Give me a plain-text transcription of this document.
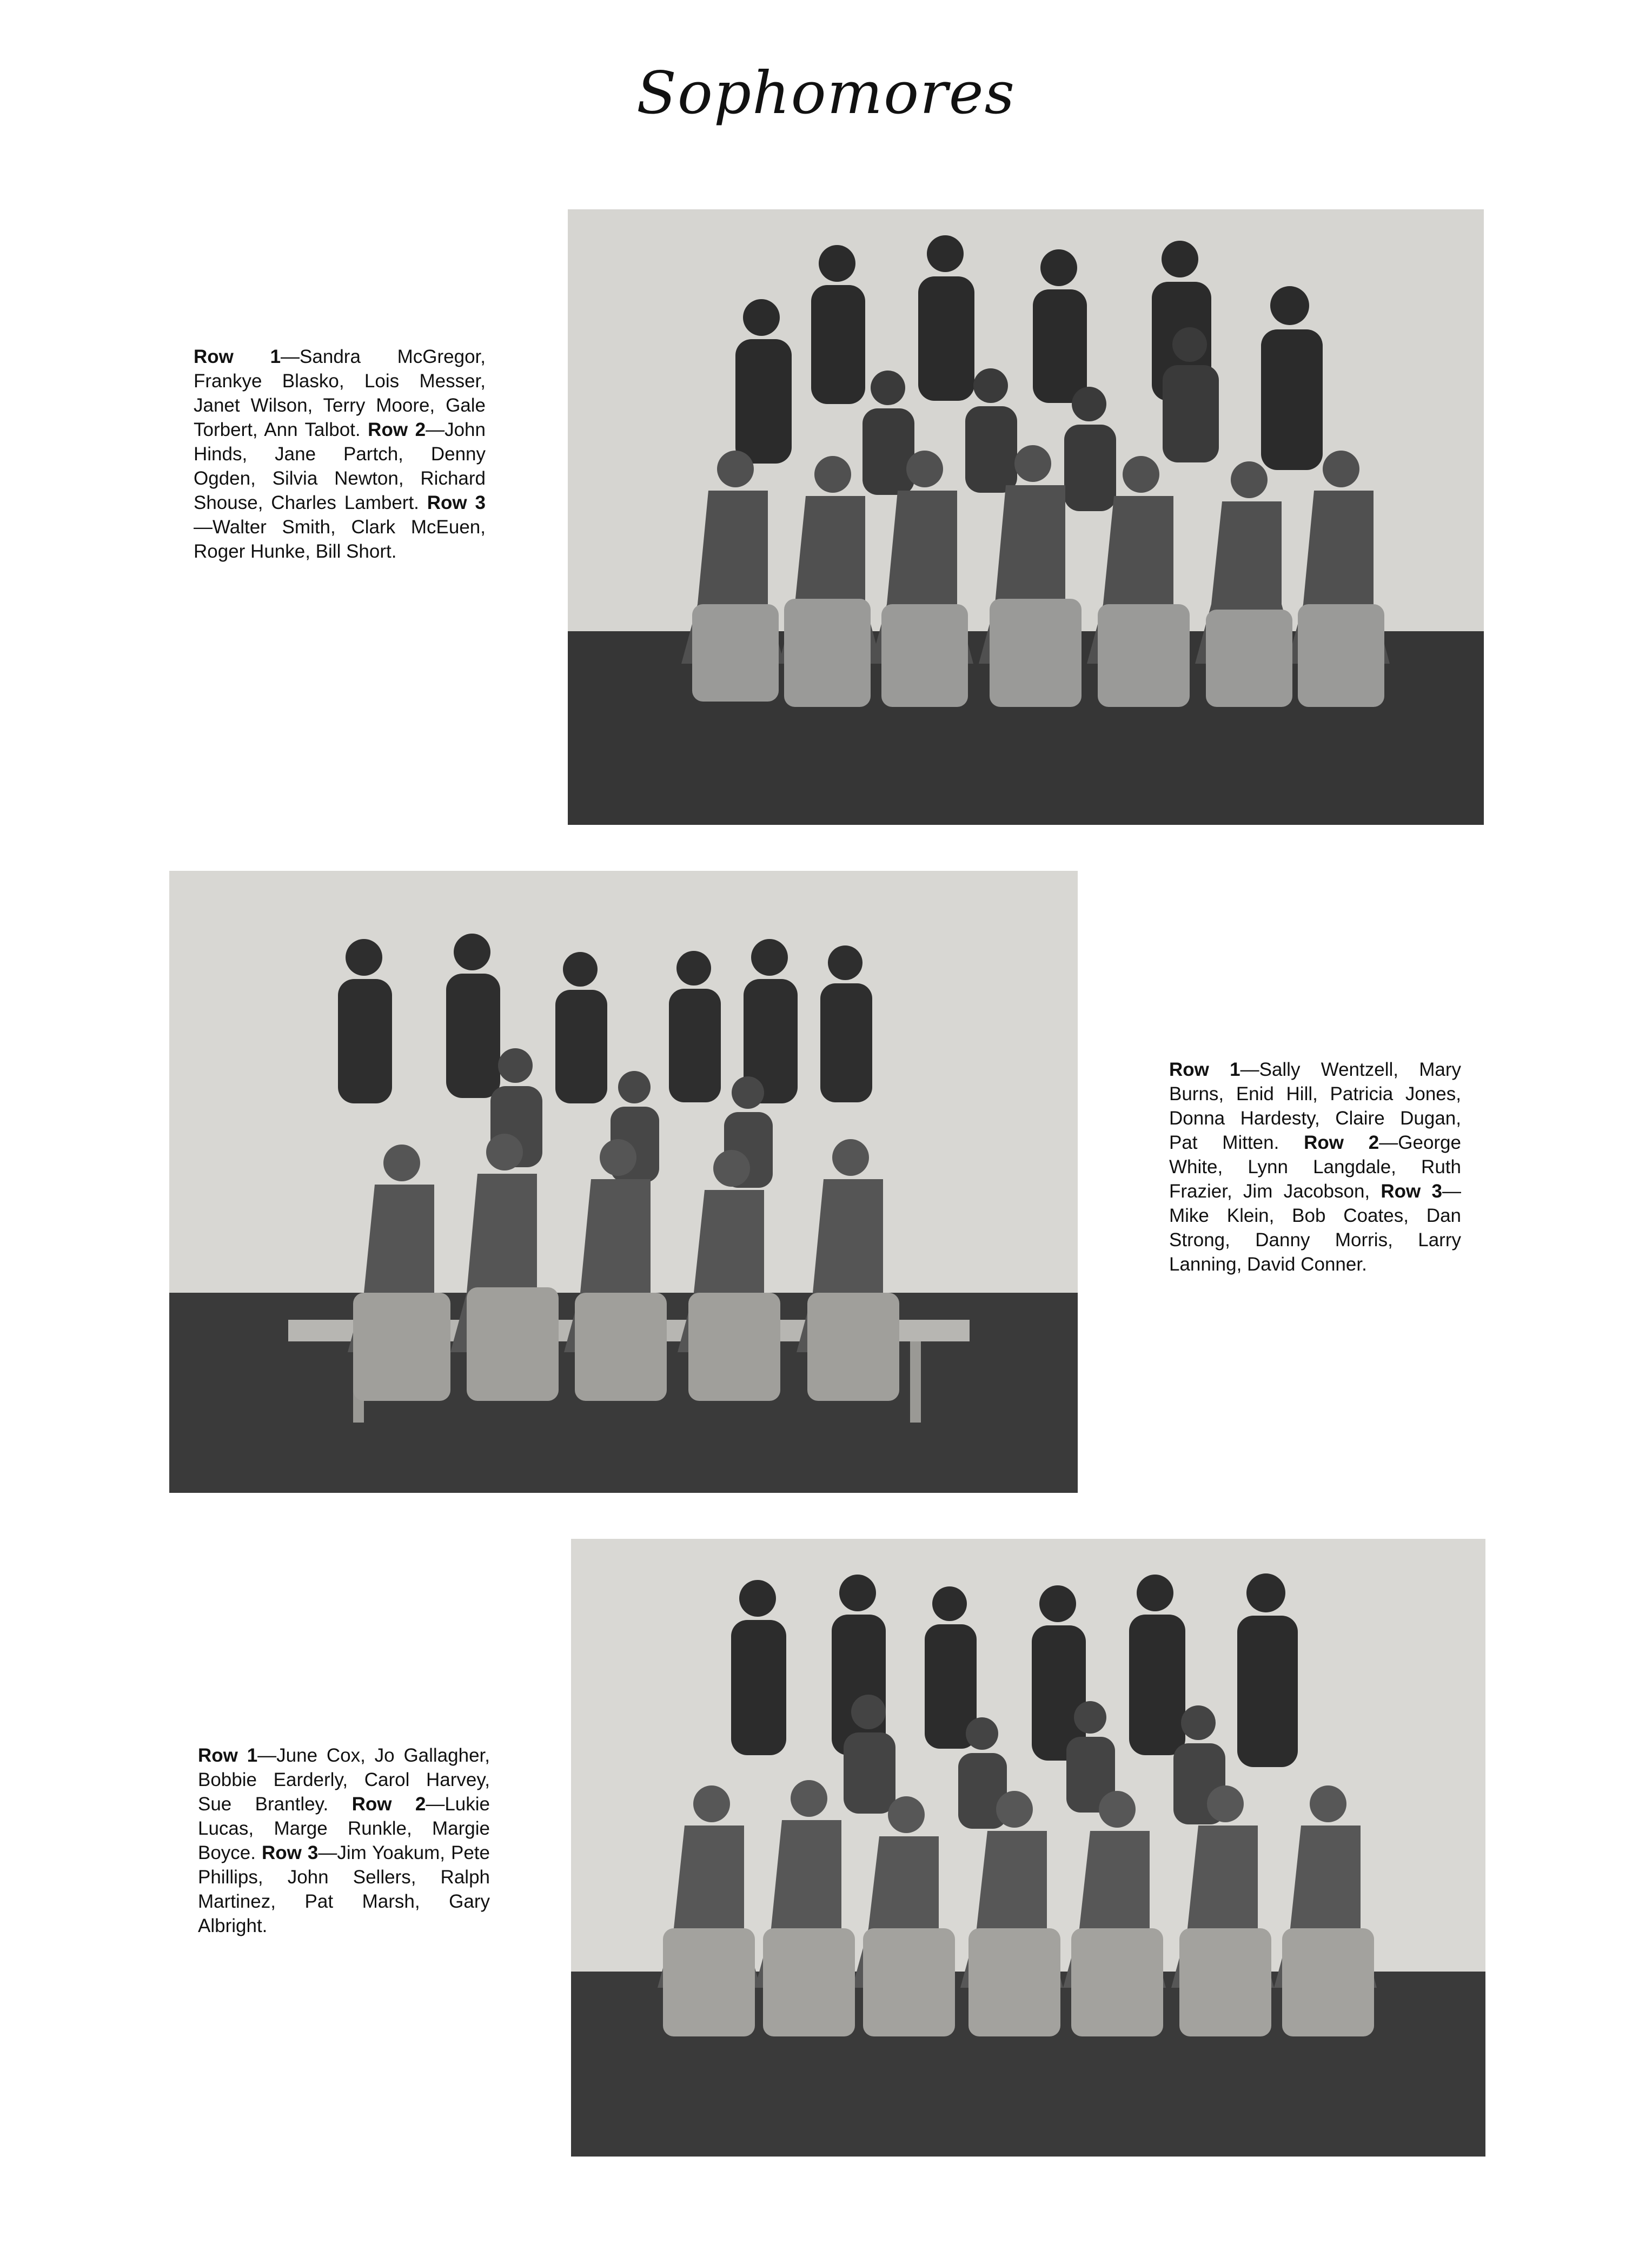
Sophomores
Row 1—Sandra McGregor, Frankye Blasko, Lois Messer, Janet Wilson, Terry Moore, Gale Torbert, Ann Talbot. Row 2—John Hinds, Jane Partch, Denny Ogden, Silvia Newton, Richard Shouse, Charles Lambert. Row 3—Walter Smith, Clark McEuen, Roger Hunke, Bill Short.
Row 1—Sally Wentzell, Mary Burns, Enid Hill, Patricia Jones, Donna Hardesty, Claire Dugan, Pat Mitten. Row 2—George White, Lynn Langdale, Ruth Frazier, Jim Jacobson, Row 3—Mike Klein, Bob Coates, Dan Strong, Danny Morris, Larry Lanning, David Conner.
Row 1—June Cox, Jo Gallagher, Bobbie Earderly, Carol Harvey, Sue Brantley. Row 2—Lukie Lucas, Marge Runkle, Margie Boyce. Row 3—Jim Yoakum, Pete Phillips, John Sellers, Ralph Martinez, Pat Marsh, Gary Albright.
